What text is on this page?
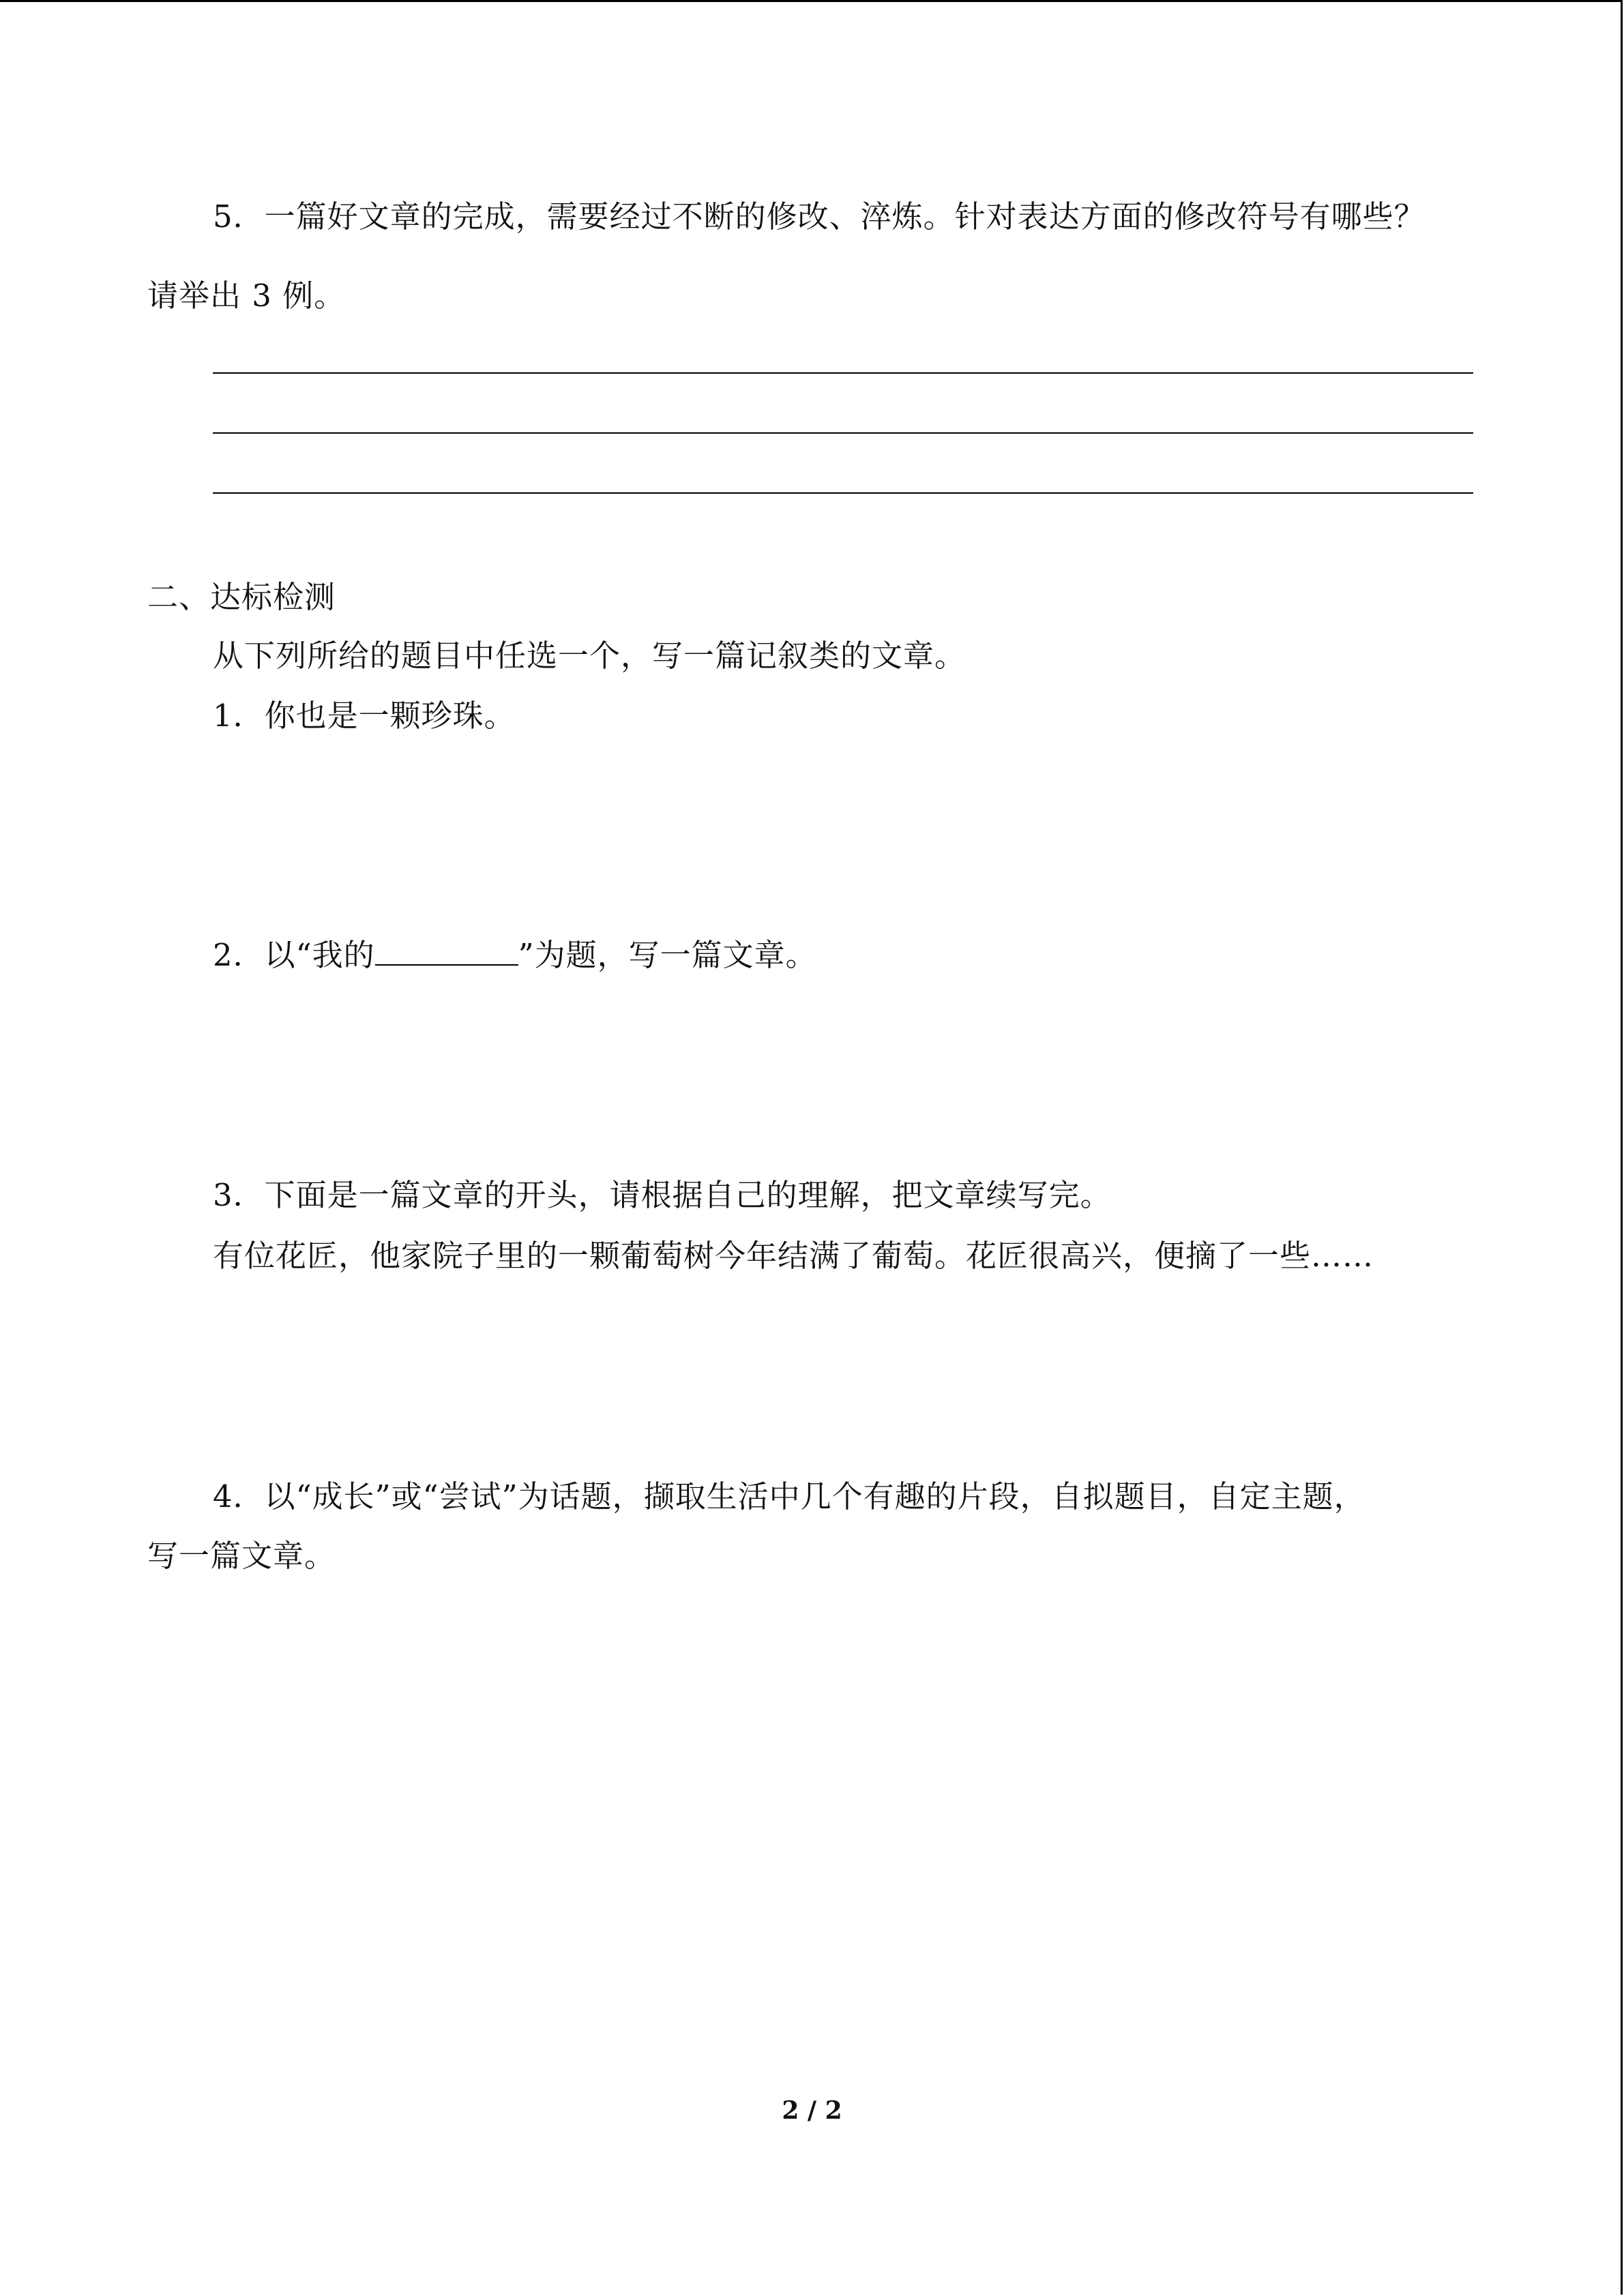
5．一篇好文章的完成，需要经过不断的修改、淬炼。针对表达方面的修改符号有哪些？
请举出 3 例。
二、达标检测
从下列所给的题目中任选一个，写一篇记叙类的文章。
1．你也是一颗珍珠。
2．以“我的	”为题，写一篇文章。
3．下面是一篇文章的开头，请根据自己的理解，把文章续写完。
有位花匠，他家院子里的一颗葡萄树今年结满了葡萄。花匠很高兴，便摘了一些……
4．以“成长”或“尝试”为话题，撷取生活中几个有趣的片段，自拟题目，自定主题，
写一篇文章。
2 / 2
